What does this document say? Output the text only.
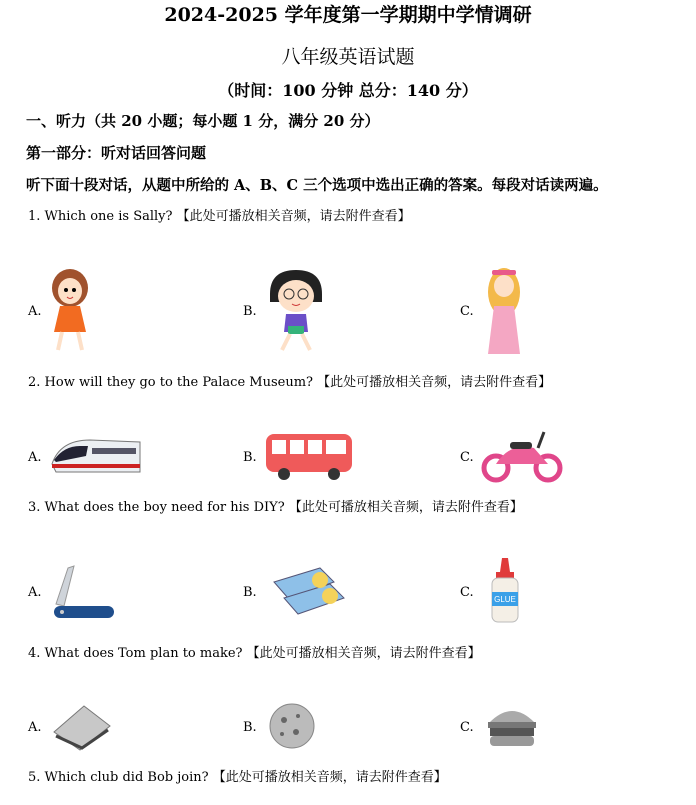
2024-2025 学年度第一学期期中学情调研
八年级英语试题
（时间：100 分钟 总分：140 分）
一、听力（共 20 小题；每小题 1 分，满分 20 分）
第一部分：听对话回答问题
听下面十段对话，从题中所给的 A、B、C 三个选项中选出正确的答案。每段对话读两遍。
1. Which one is Sally? 【此处可播放相关音频，请去附件查看】
A.	B.	C.
2. How will they go to the Palace Museum? 【此处可播放相关音频，请去附件查看】
A.	B.	C.
3. What does the boy need for his DIY? 【此处可播放相关音频，请去附件查看】
A.	B.	C.	GLUE
4. What does Tom plan to make? 【此处可播放相关音频，请去附件查看】
A.	B.	C.
5. Which club did Bob join? 【此处可播放相关音频，请去附件查看】
